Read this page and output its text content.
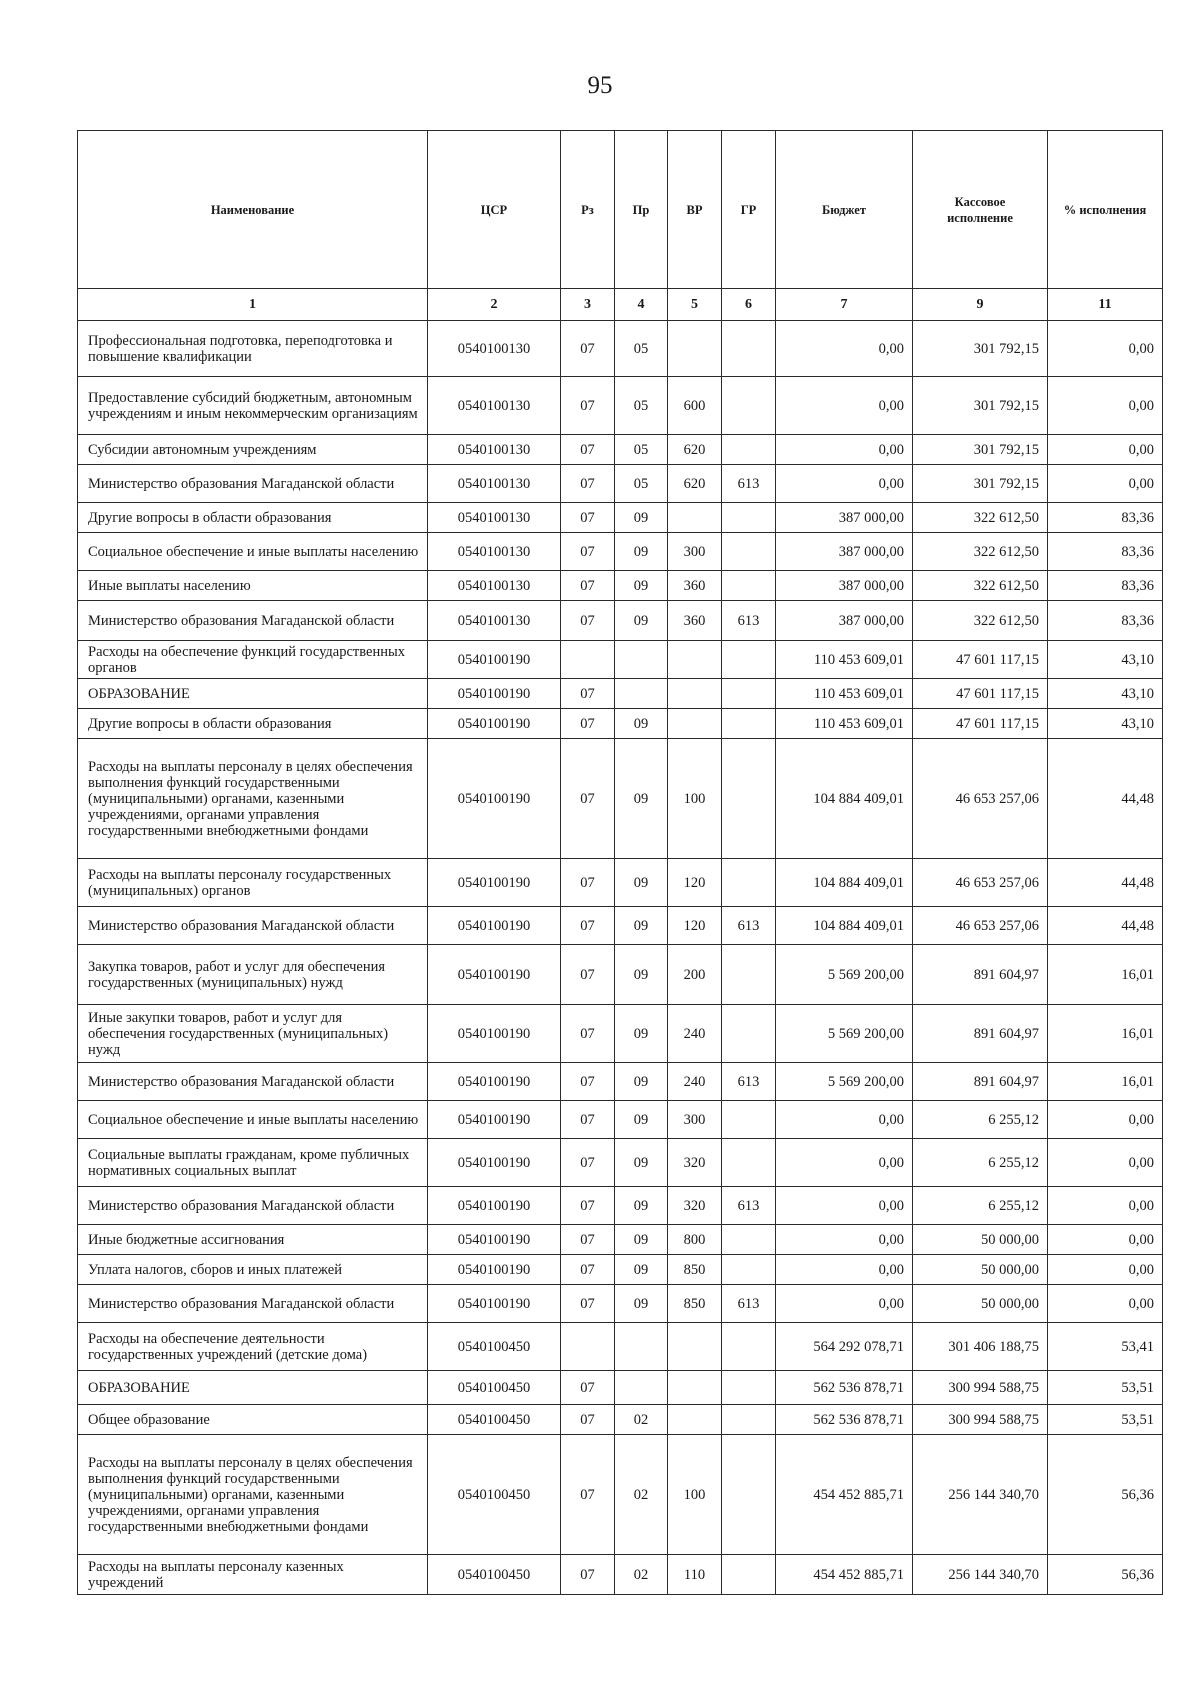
95
Наименование	ЦСР	Рз	Пр	ВР	ГР	Бюджет	Кассовое исполнение	% исполнения
1	2	3	4	5	6	7	9	11
Профессиональная подготовка, переподготовка и повышение квалификации	0540100130	07	05			0,00	301 792,15	0,00
Предоставление субсидий бюджетным, автономным учреждениям и иным некоммерческим организациям	0540100130	07	05	600		0,00	301 792,15	0,00
Субсидии автономным учреждениям	0540100130	07	05	620		0,00	301 792,15	0,00
Министерство образования Магаданской области	0540100130	07	05	620	613	0,00	301 792,15	0,00
Другие вопросы в области образования	0540100130	07	09			387 000,00	322 612,50	83,36
Социальное обеспечение и иные выплаты населению	0540100130	07	09	300		387 000,00	322 612,50	83,36
Иные выплаты населению	0540100130	07	09	360		387 000,00	322 612,50	83,36
Министерство образования Магаданской области	0540100130	07	09	360	613	387 000,00	322 612,50	83,36
Расходы на обеспечение функций государственных органов	0540100190					110 453 609,01	47 601 117,15	43,10
ОБРАЗОВАНИЕ	0540100190	07				110 453 609,01	47 601 117,15	43,10
Другие вопросы в области образования	0540100190	07	09			110 453 609,01	47 601 117,15	43,10
Расходы на выплаты персоналу в целях обеспечения выполнения функций государственными (муниципальными) органами, казенными учреждениями, органами управления государственными внебюджетными фондами	0540100190	07	09	100		104 884 409,01	46 653 257,06	44,48
Расходы на выплаты персоналу государственных (муниципальных) органов	0540100190	07	09	120		104 884 409,01	46 653 257,06	44,48
Министерство образования Магаданской области	0540100190	07	09	120	613	104 884 409,01	46 653 257,06	44,48
Закупка товаров, работ и услуг для обеспечения государственных (муниципальных) нужд	0540100190	07	09	200		5 569 200,00	891 604,97	16,01
Иные закупки товаров, работ и услуг для обеспечения государственных (муниципальных) нужд	0540100190	07	09	240		5 569 200,00	891 604,97	16,01
Министерство образования Магаданской области	0540100190	07	09	240	613	5 569 200,00	891 604,97	16,01
Социальное обеспечение и иные выплаты населению	0540100190	07	09	300		0,00	6 255,12	0,00
Социальные выплаты гражданам, кроме публичных нормативных социальных выплат	0540100190	07	09	320		0,00	6 255,12	0,00
Министерство образования Магаданской области	0540100190	07	09	320	613	0,00	6 255,12	0,00
Иные бюджетные ассигнования	0540100190	07	09	800		0,00	50 000,00	0,00
Уплата налогов, сборов и иных платежей	0540100190	07	09	850		0,00	50 000,00	0,00
Министерство образования Магаданской области	0540100190	07	09	850	613	0,00	50 000,00	0,00
Расходы на обеспечение деятельности государственных учреждений (детские дома)	0540100450					564 292 078,71	301 406 188,75	53,41
ОБРАЗОВАНИЕ	0540100450	07				562 536 878,71	300 994 588,75	53,51
Общее образование	0540100450	07	02			562 536 878,71	300 994 588,75	53,51
Расходы на выплаты персоналу в целях обеспечения выполнения функций государственными (муниципальными) органами, казенными учреждениями, органами управления государственными внебюджетными фондами	0540100450	07	02	100		454 452 885,71	256 144 340,70	56,36
Расходы на выплаты персоналу казенных учреждений	0540100450	07	02	110		454 452 885,71	256 144 340,70	56,36
